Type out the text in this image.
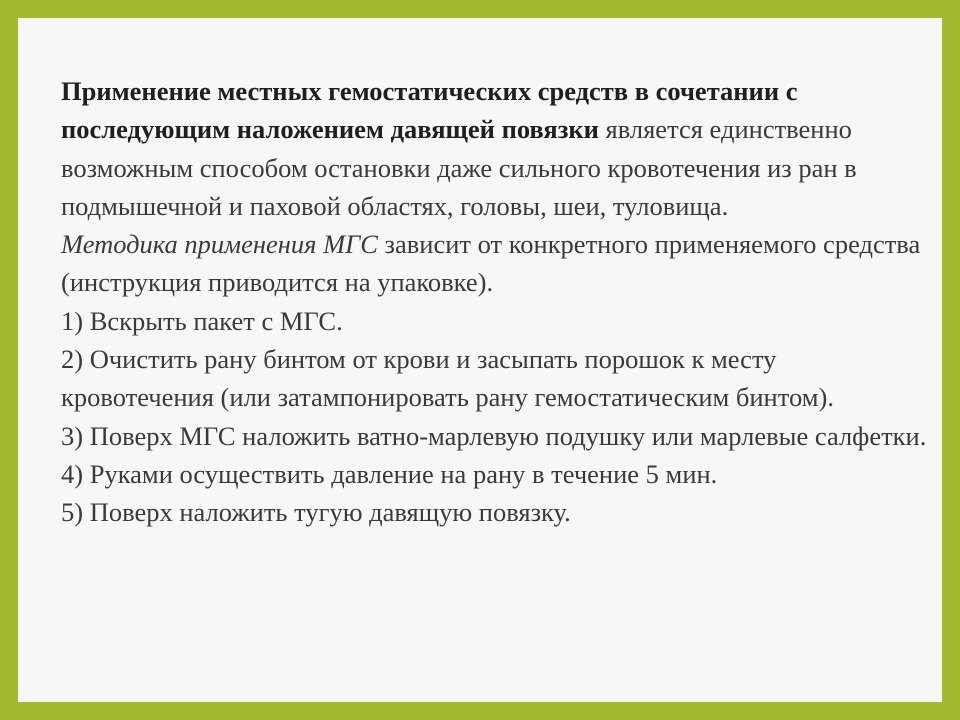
Применение местных гемостатических средств в сочетании с последующим наложением давящей повязки является единственно возможным способом остановки даже сильного кровотечения из ран в подмышечной и паховой областях, головы, шеи, туловища.

Методика применения МГС зависит от конкретного применяемого средства (инструкция приводится на упаковке).

1) Вскрыть пакет с МГС.

2) Очистить рану бинтом от крови и засыпать порошок к месту кровотечения (или затампонировать рану гемостатическим бинтом).

3) Поверх МГС наложить ватно-марлевую подушку или марлевые салфетки.

4) Руками осуществить давление на рану в течение 5 мин.

5) Поверх наложить тугую давящую повязку.
